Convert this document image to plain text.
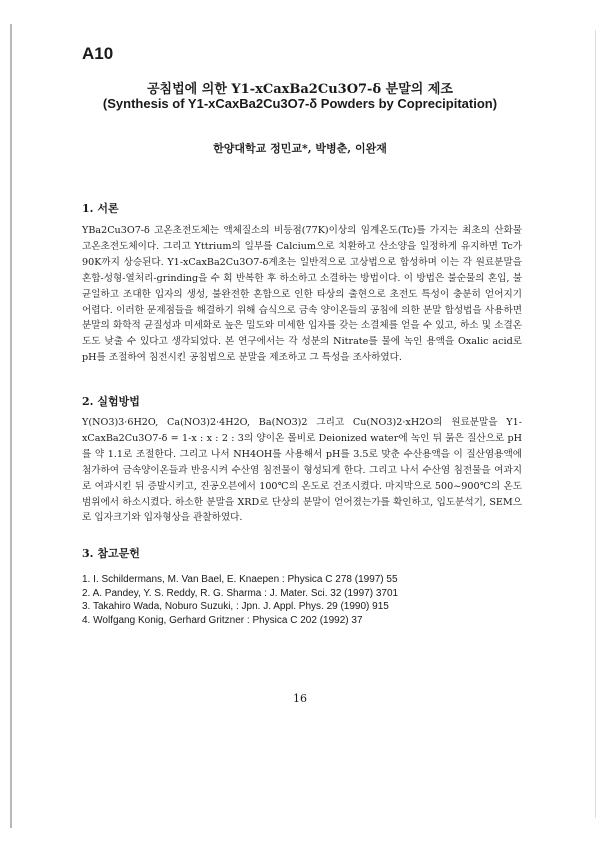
A10
공침법에 의한 Y1-xCaxBa2Cu3O7-δ 분말의 제조
(Synthesis of Y1-xCaxBa2Cu3O7-δ Powders by Coprecipitation)
한양대학교 정민교*, 박병춘, 이완재
1. 서론

YBa2Cu3O7-δ 고온초전도체는 액체질소의 비등점(77K)이상의 임계온도(Tc)를 가지는 최초의 산화물 고온초전도체이다. 그리고 Yttrium의 일부를 Calcium으로 치환하고 산소양을 일정하게 유지하면 Tc가 90K까지 상승된다. Y1-xCaxBa2Cu3O7-δ계초는 일반적으로 고상법으로 합성하며 이는 각 원료분말을 혼합-성형-열처리-grinding을 수 회 반복한 후 하소하고 소결하는 방법이다. 이 방법은 불순물의 혼입, 불균일하고 조대한 입자의 생성, 불완전한 혼합으로 인한 타상의 출현으로 초전도 특성이 충분히 얻어지기 어렵다. 이러한 문제점들을 해결하기 위해 습식으로 금속 양이온들의 공침에 의한 분말 합성법을 사용하면 분말의 화학적 균질성과 미세화로 높은 밀도와 미세한 입자를 갖는 소결체를 얻을 수 있고, 하소 및 소결온도도 낮출 수 있다고 생각되었다. 본 연구에서는 각 성분의 Nitrate를 물에 녹인 용액을 Oxalic acid로 pH를 조절하여 침전시킨 공침법으로 분말을 제조하고 그 특성을 조사하였다.

2. 실험방법

Y(NO3)3·6H2O, Ca(NO3)2·4H2O, Ba(NO3)2 그리고 Cu(NO3)2·xH2O의 원료분말을 Y1-xCaxBa2Cu3O7-δ = 1-x : x : 2 : 3의 양이온 몰비로 Deionized water에 녹인 뒤 묽은 질산으로 pH를 약 1.1로 조절한다. 그리고 나서 NH4OH를 사용해서 pH를 3.5로 맞춘 수산용액을 이 질산염용액에 첨가하여 금속양이온들과 반응시켜 수산염 침전물이 형성되게 한다. 그리고 나서 수산염 침전물을 여과지로 여과시킨 뒤 증발시키고, 진공오븐에서 100℃의 온도로 건조시켰다. 마지막으로 500~900℃의 온도범위에서 하소시켰다. 하소한 분말을 XRD로 단상의 분말이 얻어졌는가를 확인하고, 입도분석기, SEM으로 입자크기와 입자형상을 관찰하였다.

3. 참고문헌
1. I. Schildermans, M. Van Bael, E. Knaepen : Physica C 278 (1997) 55
2. A. Pandey, Y. S. Reddy, R. G. Sharma : J. Mater. Sci. 32 (1997) 3701
3. Takahiro Wada, Noburo Suzuki, : Jpn. J. Appl. Phys. 29 (1990) 915
4. Wolfgang Konig, Gerhard Gritzner : Physica C 202 (1992) 37
16
